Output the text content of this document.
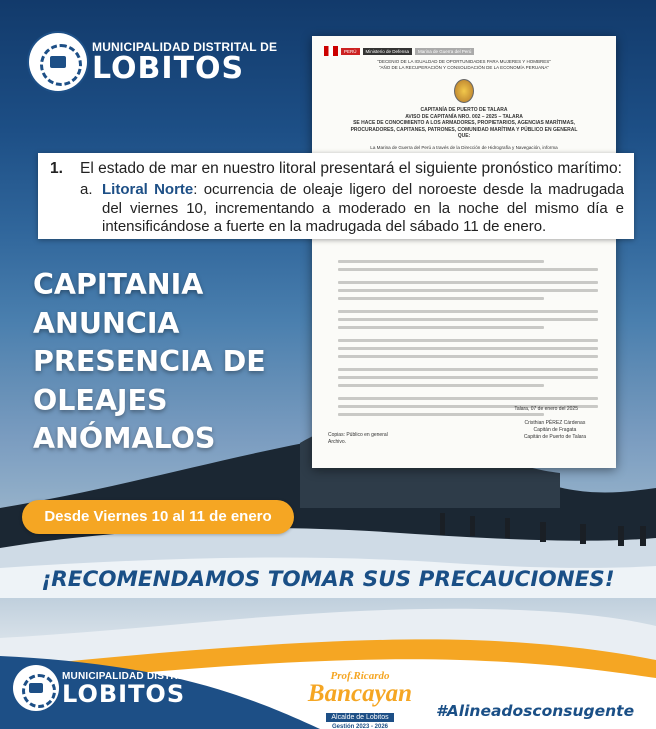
MUNICIPALIDAD DISTRITAL DE
LOBITOS	PERÚ	Ministerio de Defensa	Marina de Guerra del Perú
"DECENIO DE LA IGUALDAD DE OPORTUNIDADES PARA MUJERES Y HOMBRES"
"AÑO DE LA RECUPERACIÓN Y CONSOLIDACIÓN DE LA ECONOMÍA PERUANA"
CAPITANÍA DE PUERTO DE TALARA
AVISO DE CAPITANÍA NRO. 002 – 2025 – TALARA
SE HACE DE CONOCIMIENTO A LOS ARMADORES, PROPIETARIOS, AGENCIAS MARÍTIMAS,
PROCURADORES, CAPITANES, PATRONES, COMUNIDAD MARÍTIMA Y PÚBLICO EN GENERAL
QUE:
La Marina de Guerra del Perú a través de la Dirección de Hidrografía y Navegación, informa
Talara, 07 de enero del 2025
Copias: Público en general
Archivo.
Cristhian PÉREZ Cárdenas
Capitán de Fragata
Capitán de Puerto de Talara
1.	El estado de mar en nuestro litoral presentará el siguiente pronóstico marítimo:
a. Litoral Norte: ocurrencia de oleaje ligero del noroeste desde la madrugada del viernes 10, incrementando a moderado en la noche del mismo día e intensificándose a fuerte en la madrugada del sábado 11 de enero.
CAPITANIA
ANUNCIA
PRESENCIA DE
OLEAJES
ANÓMALOS
Desde Viernes 10 al 11 de enero
¡RECOMENDAMOS TOMAR SUS PRECAUCIONES!
MUNICIPALIDAD DISTRITAL DE
LOBITOS
Prof.Ricardo
Bancayan
Alcalde de Lobitos
Gestión 2023 - 2026
#Alineadosconsugente
